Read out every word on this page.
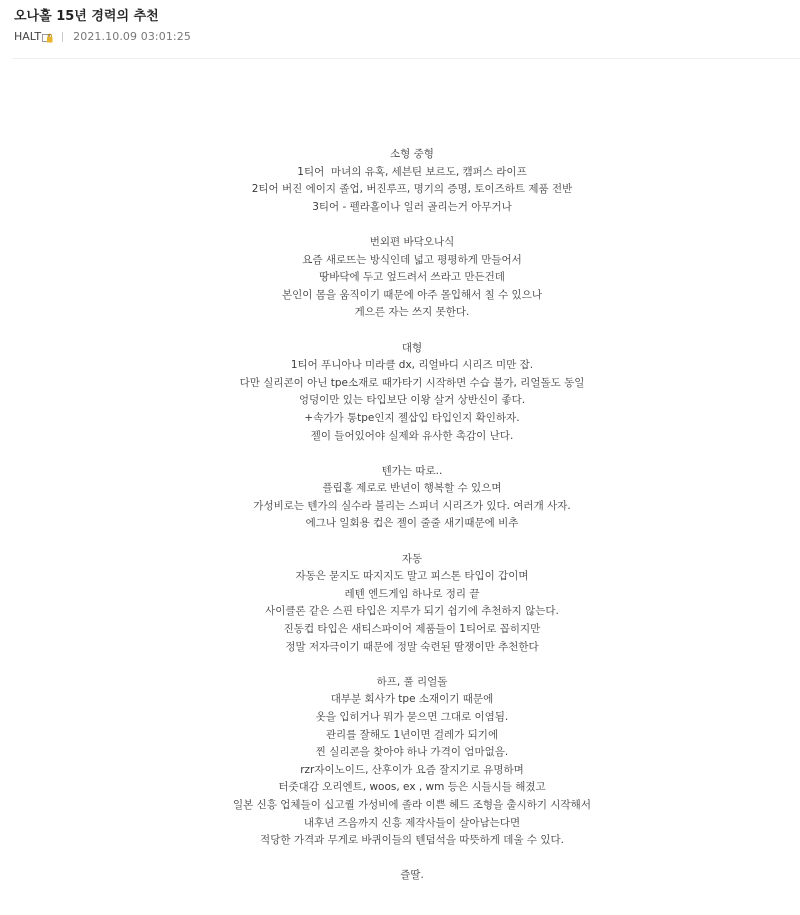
오나홀 15년 경력의 추천
HALT	2021.10.09 03:01:25
소형 중형
1티어  마녀의 유혹, 세븐틴 보르도, 캠퍼스 라이프
2티어 버진 에이지 졸업, 버진루프, 명기의 증명, 토이즈하트 제품 전반
3티어 - 펠라홀이나 일러 골리는거 아무거나
번외편 바닥오나식
요즘 새로뜨는 방식인데 넓고 평평하게 만들어서
땅바닥에 두고 엎드려서 쓰라고 만든건데
본인이 몸을 움직이기 때문에 아주 몰입해서 칠 수 있으나
게으른 자는 쓰지 못한다.
대형
1티어 푸니아나 미라클 dx, 리얼바디 시리즈 미만 잡.
다만 실리콘이 아닌 tpe소재로 때가타기 시작하면 수습 불가, 리얼돌도 동일
엉덩이만 있는 타입보단 이왕 살거 상반신이 좋다.
+속가가 통tpe인지 젤삽입 타입인지 확인하자.
젤이 들어있어야 실제와 유사한 촉감이 난다.
텐가는 따로..
플립홀 제로로 반년이 행복할 수 있으며
가성비로는 텐가의 실수라 불리는 스피너 시리즈가 있다. 여러개 사자.
에그나 일회용 컵은 젤이 줄줄 새기때문에 비추
자동
자동은 묻지도 따지지도 말고 피스톤 타입이 갑이며
레텐 엔드게임 하나로 정리 끝
사이클론 같은 스핀 타입은 지루가 되기 쉽기에 추천하지 않는다.
진동컵 타입은 새티스파이어 제품들이 1티어로 꼽히지만
정말 저자극이기 때문에 정말 숙련된 딸쟁이만 추천한다
하프, 풀 리얼돌
대부분 회사가 tpe 소재이기 때문에
옷을 입히거나 뭐가 묻으면 그대로 이염됨.
관리를 잘해도 1년이면 걸레가 되기에
찐 실리콘을 찾아야 하나 가격이 엄마없음.
rzr자이노이드, 산후이가 요즘 잘지기로 유명하며
터줏대감 오리엔트, woos, ex , wm 등은 시들시들 해졌고
일본 신흥 업체들이 십고퀄 가성비에 졸라 이쁜 헤드 조형을 출시하기 시작해서
내후년 즈음까지 신흥 제작사들이 살아남는다면
적당한 가격과 무게로 바퀴이들의 텐덤석을 따뜻하게 데울 수 있다.
즐딸.
